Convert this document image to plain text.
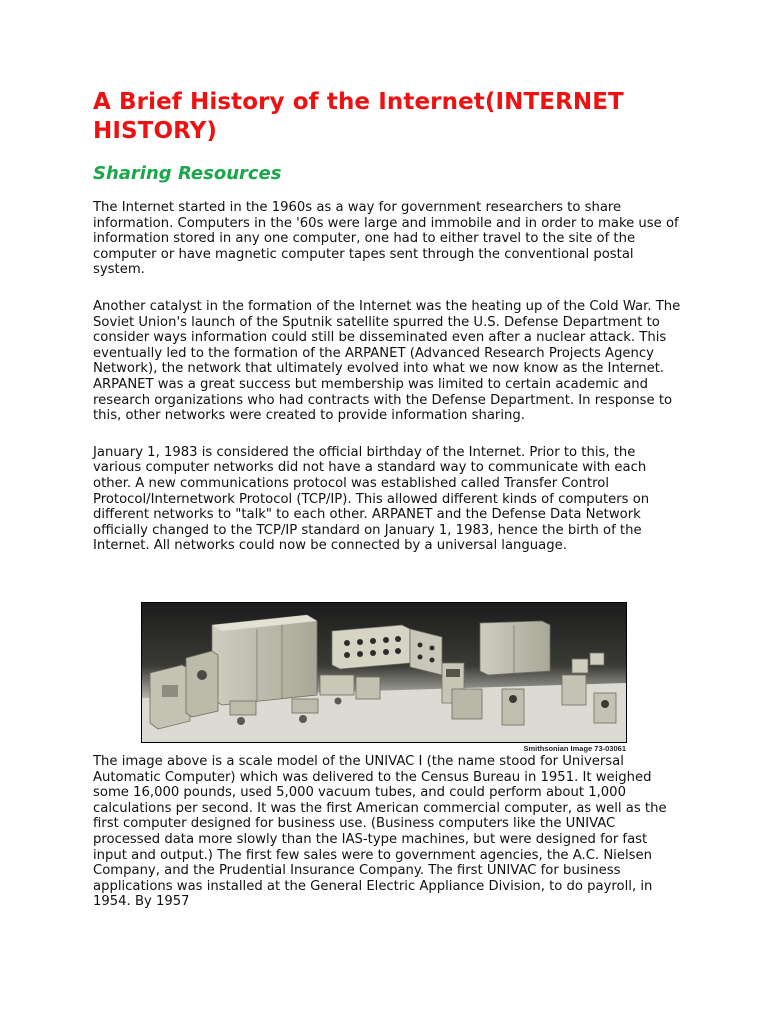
A Brief History of the Internet(INTERNET HISTORY)
Sharing Resources

The Internet started in the 1960s as a way for government researchers to share information. Computers in the '60s were large and immobile and in order to make use of information stored in any one computer, one had to either travel to the site of the computer or have magnetic computer tapes sent through the conventional postal system.

Another catalyst in the formation of the Internet was the heating up of the Cold War. The Soviet Union's launch of the Sputnik satellite spurred the U.S. Defense Department to consider ways information could still be disseminated even after a nuclear attack. This eventually led to the formation of the ARPANET (Advanced Research Projects Agency Network), the network that ultimately evolved into what we now know as the Internet. ARPANET was a great success but membership was limited to certain academic and research organizations who had contracts with the Defense Department. In response to this, other networks were created to provide information sharing.

January 1, 1983 is considered the official birthday of the Internet. Prior to this, the various computer networks did not have a standard way to communicate with each other. A new communications protocol was established called Transfer Control Protocol/Internetwork Protocol (TCP/IP). This allowed different kinds of computers on different networks to "talk" to each other. ARPANET and the Defense Data Network officially changed to the TCP/IP standard on January 1, 1983, hence the birth of the Internet. All networks could now be connected by a universal language.

Smithsonian Image 73-03061

The image above is a scale model of the UNIVAC I (the name stood for Universal Automatic Computer) which was delivered to the Census Bureau in 1951. It weighed some 16,000 pounds, used 5,000 vacuum tubes, and could perform about 1,000 calculations per second. It was the first American commercial computer, as well as the first computer designed for business use. (Business computers like the UNIVAC processed data more slowly than the IAS-type machines, but were designed for fast input and output.) The first few sales were to government agencies, the A.C. Nielsen Company, and the Prudential Insurance Company. The first UNIVAC for business applications was installed at the General Electric Appliance Division, to do payroll, in 1954. By 1957
